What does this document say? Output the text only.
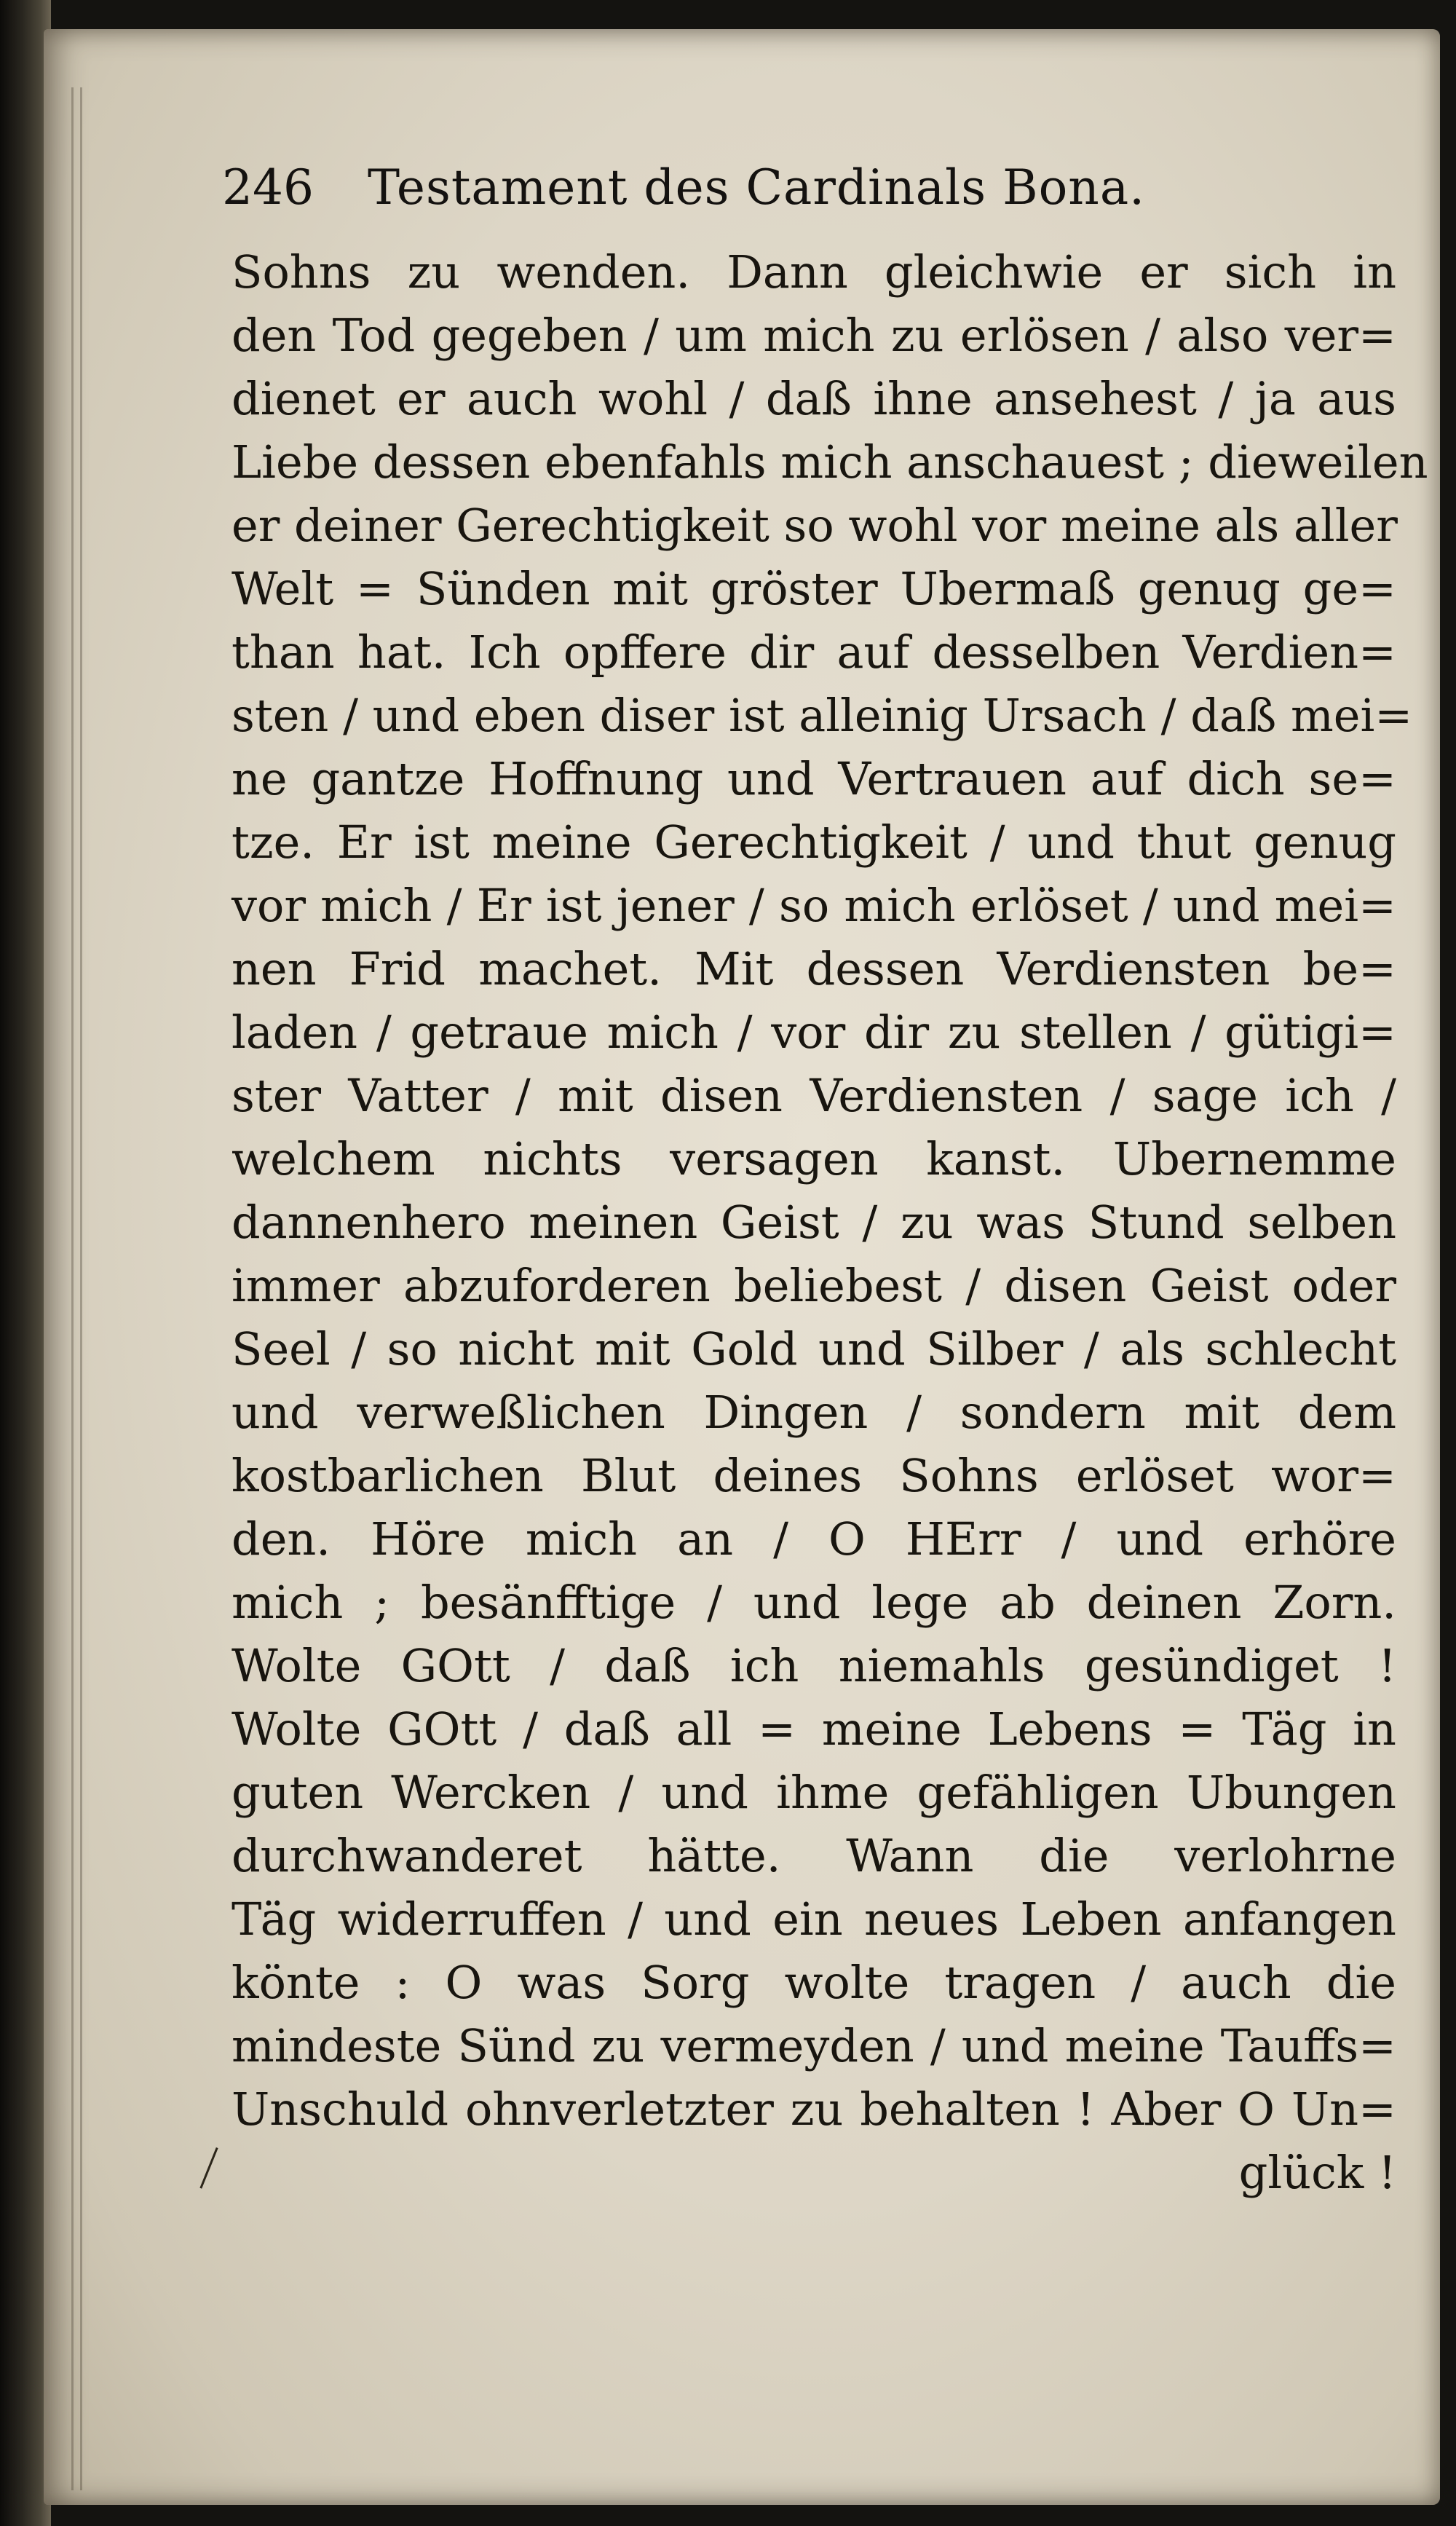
246 Testament des Cardinals Bona.
Sohns zu wenden. Dann gleichwie er sich in
den Tod gegeben / um mich zu erlösen / also ver=
dienet er auch wohl / daß ihne ansehest / ja aus
Liebe dessen ebenfahls mich anschauest ; dieweilen
er deiner Gerechtigkeit so wohl vor meine als aller
Welt = Sünden mit gröster Ubermaß genug ge=
than hat. Ich opffere dir auf desselben Verdien=
sten / und eben diser ist alleinig Ursach / daß mei=
ne gantze Hoffnung und Vertrauen auf dich se=
tze. Er ist meine Gerechtigkeit / und thut genug
vor mich / Er ist jener / so mich erlöset / und mei=
nen Frid machet. Mit dessen Verdiensten be=
laden / getraue mich / vor dir zu stellen / gütigi=
ster Vatter / mit disen Verdiensten / sage ich /
welchem nichts versagen kanst. Ubernemme
dannenhero meinen Geist / zu was Stund selben
immer abzuforderen beliebest / disen Geist oder
Seel / so nicht mit Gold und Silber / als schlecht
und verweßlichen Dingen / sondern mit dem
kostbarlichen Blut deines Sohns erlöset wor=
den. Höre mich an / O HErr / und erhöre
mich ; besänfftige / und lege ab deinen Zorn.
Wolte GOtt / daß ich niemahls gesündiget !
Wolte GOtt / daß all = meine Lebens = Täg in
guten Wercken / und ihme gefähligen Ubungen
durchwanderet hätte. Wann die verlohrne
Täg widerruffen / und ein neues Leben anfangen
könte : O was Sorg wolte tragen / auch die
mindeste Sünd zu vermeyden / und meine Tauffs=
Unschuld ohnverletzter zu behalten ! Aber O Un=
glück !
